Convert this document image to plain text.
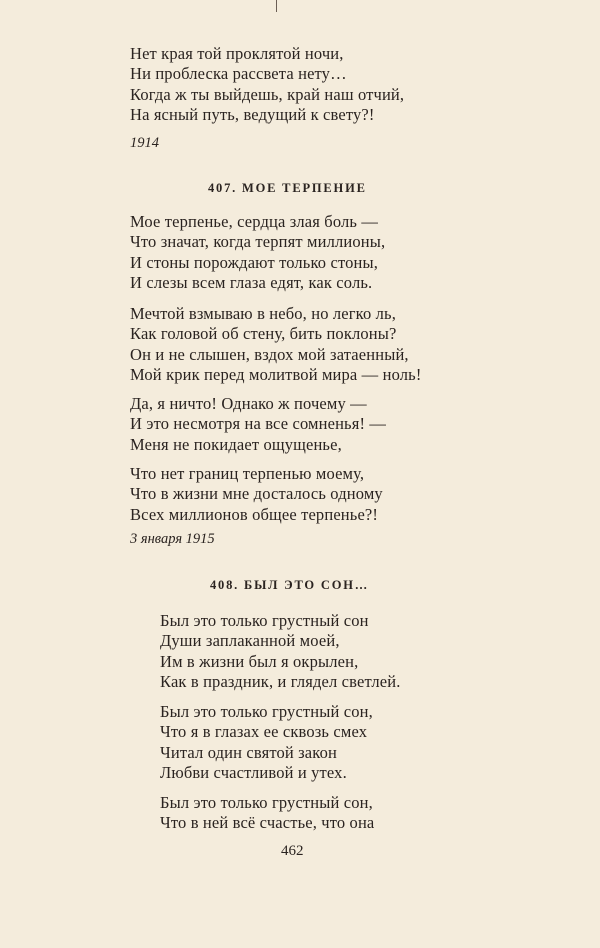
Нет края той проклятой ночи,
Ни проблеска рассвета нету…
Когда ж ты выйдешь, край наш отчий,
На ясный путь, ведущий к свету?!
1914
407. МОЕ ТЕРПЕНИЕ
Мое терпенье, сердца злая боль —
Что значат, когда терпят миллионы,
И стоны порождают только стоны,
И слезы всем глаза едят, как соль.
Мечтой взмываю в небо, но легко ль,
Как головой об стену, бить поклоны?
Он и не слышен, вздох мой затаенный,
Мой крик перед молитвой мира — ноль!
Да, я ничто! Однако ж почему —
И это несмотря на все сомненья! —
Меня не покидает ощущенье,
Что нет границ терпенью моему,
Что в жизни мне досталось одному
Всех миллионов общее терпенье?!
3 января 1915
408. БЫЛ ЭТО СОН…
Был это только грустный сон
Души заплаканной моей,
Им в жизни был я окрылен,
Как в праздник, и глядел светлей.
Был это только грустный сон,
Что я в глазах ее сквозь смех
Читал один святой закон
Любви счастливой и утех.
Был это только грустный сон,
Что в ней всё счастье, что она
462
